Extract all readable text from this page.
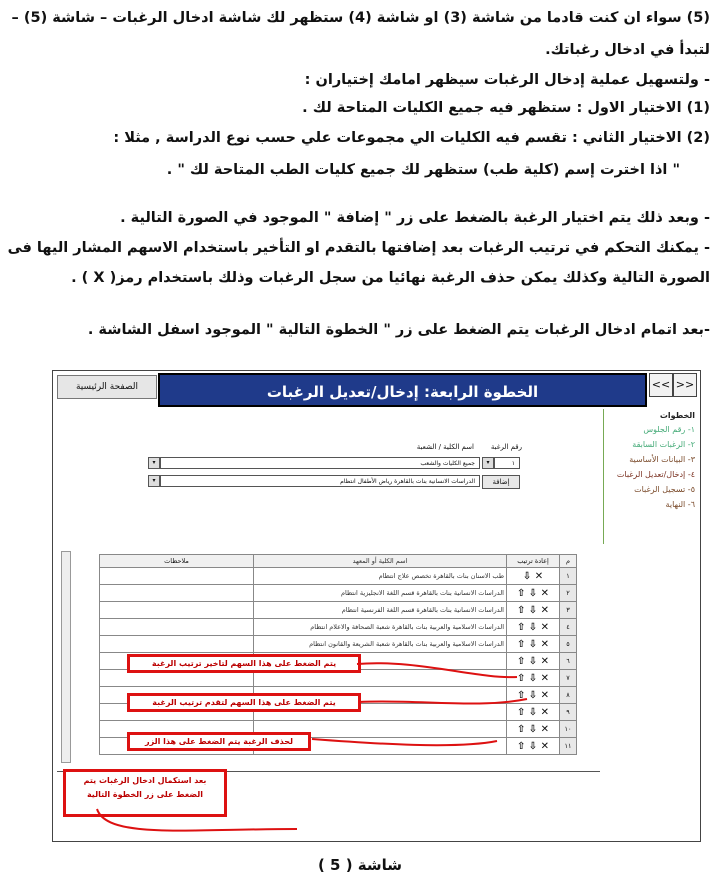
(5) سواء ان كنت قادما من شاشة (3) او شاشة (4) ستظهر لك شاشة ادخال الرغبات – شاشة (5) –
لتبدأ في ادخال رغباتك.
- ولتسهيل عملية إدخال الرغبات سيظهر امامك إختياران :
(1) الاختيار الاول : ستظهر فيه جميع الكليات المتاحة لك .
(2) الاختيار الثاني : تقسم فيه الكليات الي مجموعات علي حسب نوع الدراسة , مثلا :
" اذا اخترت إسم (كلية طب) ستظهر لك جميع كليات الطب المتاحة لك " .
- وبعد ذلك يتم اختيار الرغبة بالضغط على زر " إضافة " الموجود في الصورة التالية .
- يمكنك التحكم في ترتيب الرغبات بعد إضافتها بالتقدم او التأخير باستخدام الاسهم المشار اليها فى
الصورة التالية وكذلك يمكن حذف الرغبة نهائيا من سجل الرغبات وذلك باستخدام رمز( X ) .
-بعد اتمام ادخال الرغبات يتم الضغط على زر " الخطوة التالية " الموجود اسفل الشاشة .
الصفحة الرئيسية	الخطوة الرابعة: إدخال/تعديل الرغبات	<< >>
الخطوات
١- رقم الجلوس
٢- الرغبات السابقة
٣- البيانات الأساسية
٤- إدخال/تعديل الرغبات
٥- تسجيل الرغبات
٦- النهاية
رقم الرغبة
اسم الكلية / الشعبة
١
▾
جميع الكليات والشعب
▾
إضافة
الدراسات الانسانية بنات بالقاهرة رياض الأطفال انتظام
▾
م	إعادة ترتيب	اسم الكلية أو المعهد	ملاحظات
١	✕ ⇩	طب الاسنان بنات بالقاهرة تخصص علاج انتظام	
٢	✕ ⇩ ⇧	الدراسات الانسانية بنات بالقاهرة قسم اللغة الانجليزية انتظام	
٣	✕ ⇩ ⇧	الدراسات الانسانية بنات بالقاهرة قسم اللغة الفرنسية انتظام	
٤	✕ ⇩ ⇧	الدراسات الاسلامية والعربية بنات بالقاهرة شعبة الصحافة والاعلام انتظام	
٥	✕ ⇩ ⇧	الدراسات الاسلامية والعربية بنات بالقاهرة شعبة الشريعة والقانون انتظام	
٦	✕ ⇩ ⇧		
٧	✕ ⇩ ⇧		
٨	✕ ⇩ ⇧		
٩	✕ ⇩ ⇧		
١٠	✕ ⇩ ⇧		
١١	✕ ⇩ ⇧		
يتم الضغط على هذا السهم لتاخير ترتيب الرغبة
يتم الضغط على هذا السهم لتقدم ترتيب الرغبة
لحذف الرغبة يتم الضغط على هذا الزر
بعد استكمال ادخال الرغبات يتم
الضغط على زر الخطوة التالية
شاشة ( 5 )
